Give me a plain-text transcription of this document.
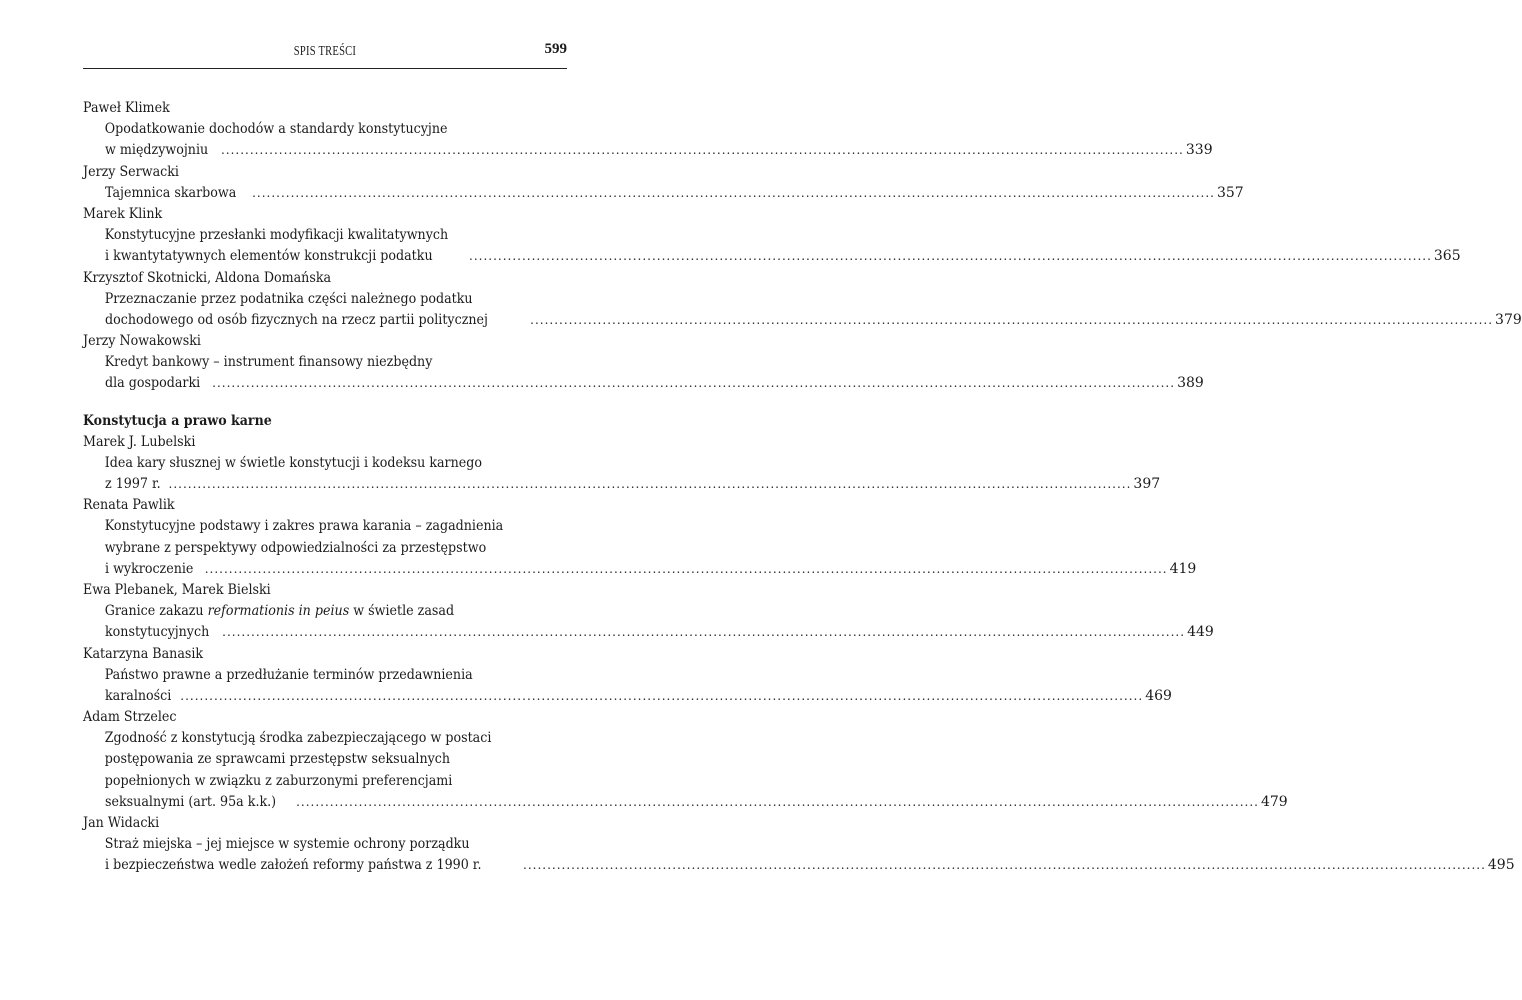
SPIS TREŚCI	599
Paweł Klimek
Opodatkowanie dochodów a standardy konstytucyjne
w międzywojniu ........................................................................................................................................................................................................ 339
Jerzy Serwacki
Tajemnica skarbowa ........................................................................................................................................................................................................ 357
Marek Klink
Konstytucyjne przesłanki modyfikacji kwalitatywnych
i kwantytatywnych elementów konstrukcji podatku	........................................................................................................................................................................................................ 365
Krzysztof Skotnicki, Aldona Domańska
Przeznaczanie przez podatnika części należnego podatku
dochodowego od osób fizycznych na rzecz partii politycznej	........................................................................................................................................................................................................ 379
Jerzy Nowakowski
Kredyt bankowy – instrument finansowy niezbędny
dla gospodarki ........................................................................................................................................................................................................ 389
Konstytucja a prawo karne
Marek J. Lubelski
Idea kary słusznej w świetle konstytucji i kodeksu karnego
z 1997 r. ........................................................................................................................................................................................................ 397
Renata Pawlik
Konstytucyjne podstawy i zakres prawa karania – zagadnienia
wybrane z perspektywy odpowiedzialności za przestępstwo
i wykroczenie ........................................................................................................................................................................................................ 419
Ewa Plebanek, Marek Bielski
Granice zakazu reformationis in peius w świetle zasad
konstytucyjnych ........................................................................................................................................................................................................ 449
Katarzyna Banasik
Państwo prawne a przedłużanie terminów przedawnienia
karalności ........................................................................................................................................................................................................ 469
Adam Strzelec
Zgodność z konstytucją środka zabezpieczającego w postaci
postępowania ze sprawcami przestępstw seksualnych
popełnionych w związku z zaburzonymi preferencjami
seksualnymi (art. 95a k.k.) ........................................................................................................................................................................................................ 479
Jan Widacki
Straż miejska – jej miejsce w systemie ochrony porządku
i bezpieczeństwa wedle założeń reformy państwa z 1990 r.	........................................................................................................................................................................................................ 495
